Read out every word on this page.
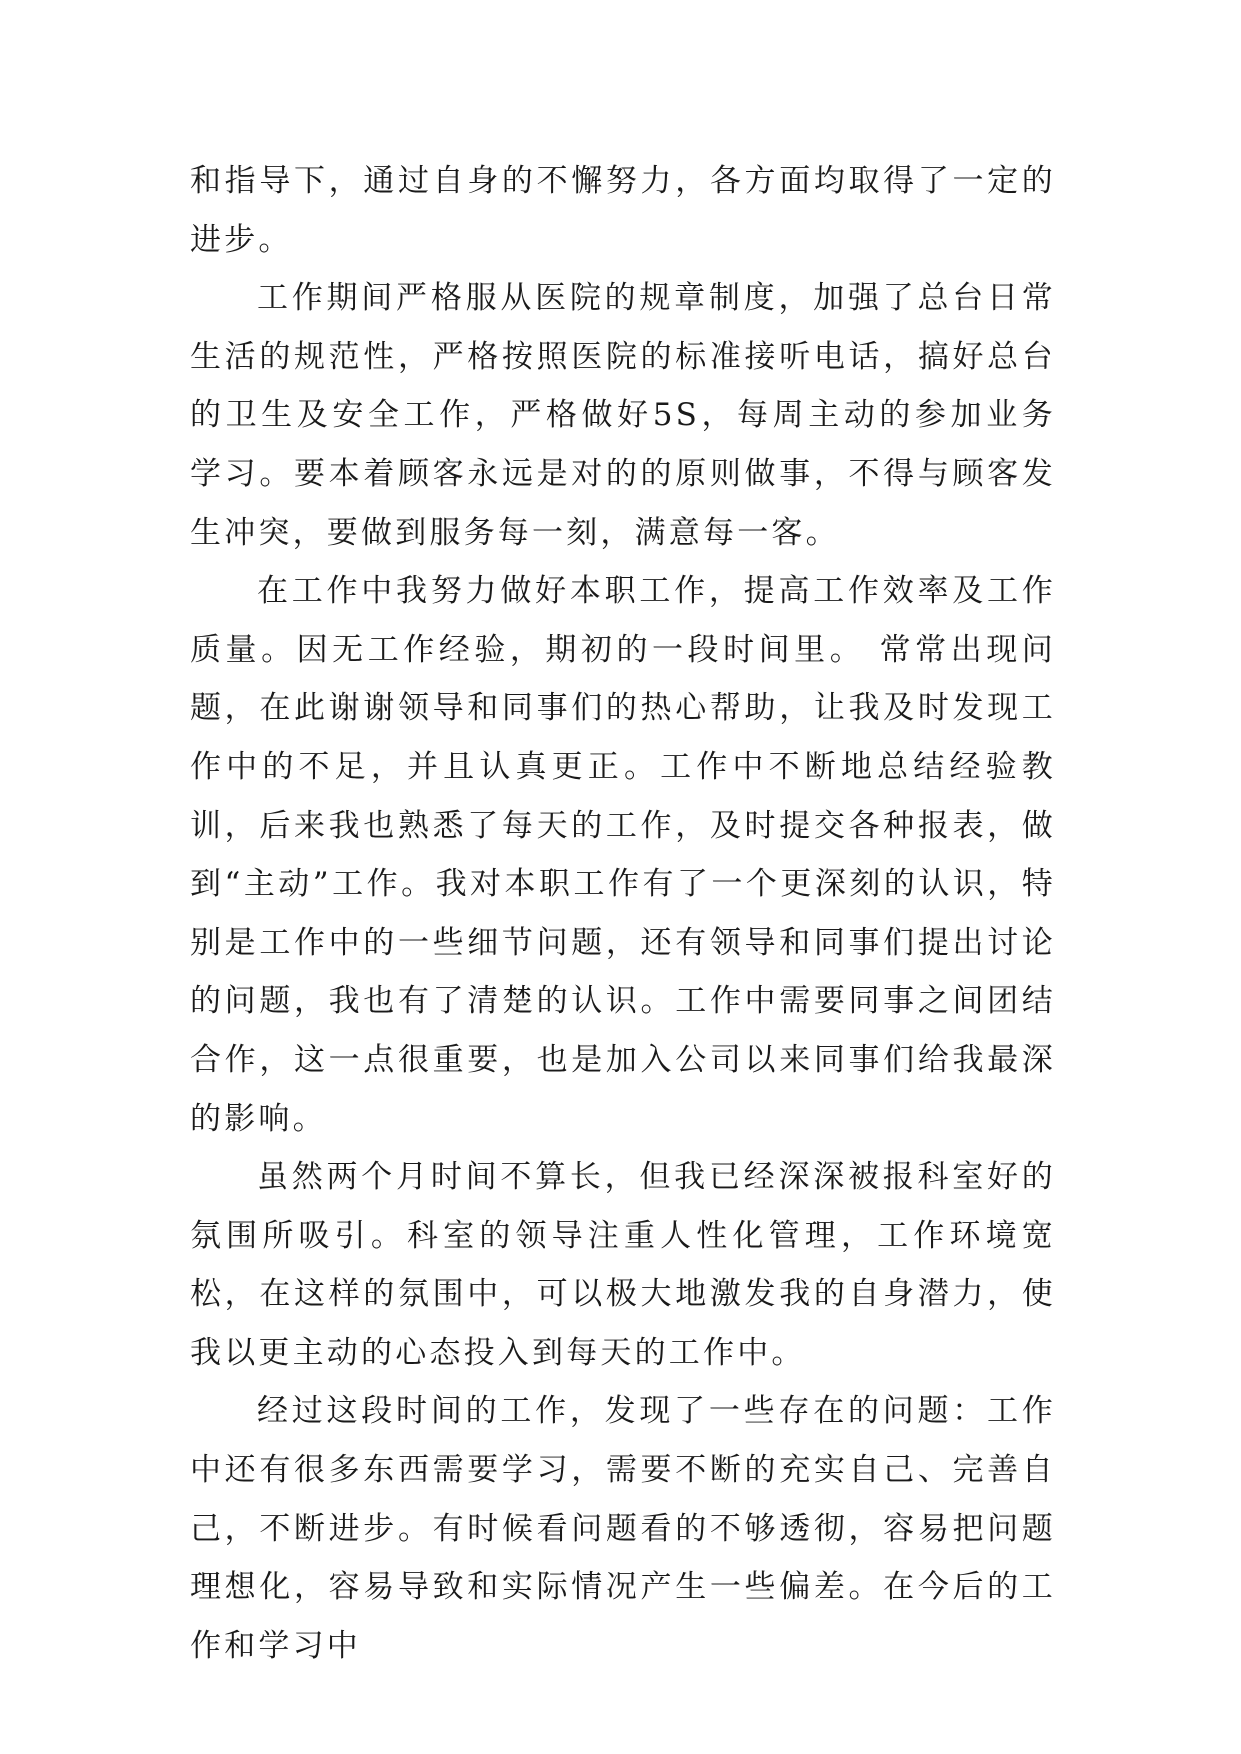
和指导下，通过自身的不懈努力，各方面均取得了一定的进步。

工作期间严格服从医院的规章制度，加强了总台日常生活的规范性，严格按照医院的标准接听电话，搞好总台的卫生及安全工作，严格做好5S，每周主动的参加业务学习。要本着顾客永远是对的的原则做事，不得与顾客发生冲突，要做到服务每一刻，满意每一客。

在工作中我努力做好本职工作，提高工作效率及工作质量。因无工作经验，期初的一段时间里。 常常出现问题，在此谢谢领导和同事们的热心帮助，让我及时发现工作中的不足，并且认真更正。工作中不断地总结经验教训，后来我也熟悉了每天的工作，及时提交各种报表，做到“主动”工作。我对本职工作有了一个更深刻的认识，特别是工作中的一些细节问题，还有领导和同事们提出讨论的问题，我也有了清楚的认识。工作中需要同事之间团结合作，这一点很重要，也是加入公司以来同事们给我最深的影响。

虽然两个月时间不算长，但我已经深深被报科室好的氛围所吸引。科室的领导注重人性化管理，工作环境宽松，在这样的氛围中，可以极大地激发我的自身潜力，使我以更主动的心态投入到每天的工作中。

经过这段时间的工作，发现了一些存在的问题：工作中还有很多东西需要学习，需要不断的充实自己、完善自己，不断进步。有时候看问题看的不够透彻，容易把问题理想化，容易导致和实际情况产生一些偏差。在今后的工作和学习中
